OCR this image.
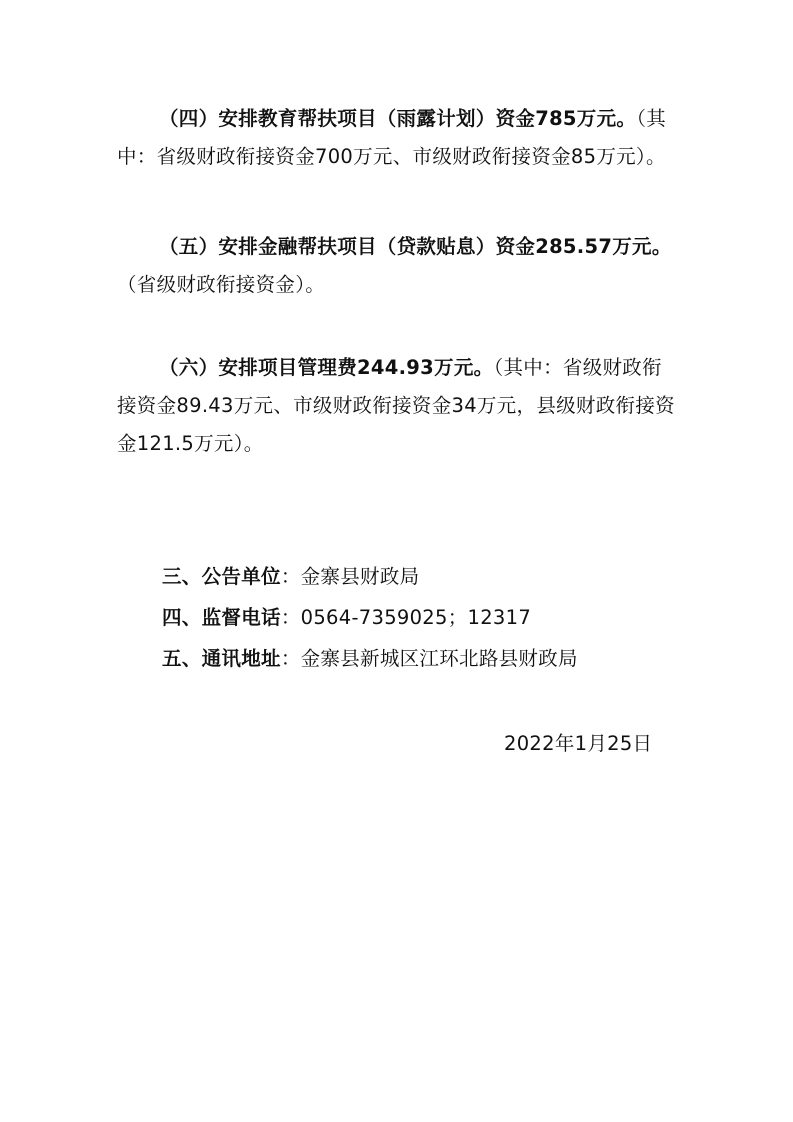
（四）安排教育帮扶项目（雨露计划）资金785万元。（其中：省级财政衔接资金700万元、市级财政衔接资金85万元）。

（五）安排金融帮扶项目（贷款贴息）资金285.57万元。（省级财政衔接资金）。

（六）安排项目管理费244.93万元。（其中：省级财政衔接资金89.43万元、市级财政衔接资金34万元，县级财政衔接资金121.5万元）。

三、公告单位：金寨县财政局

四、监督电话：0564-7359025；12317

五、通讯地址：金寨县新城区江环北路县财政局

2022年1月25日
